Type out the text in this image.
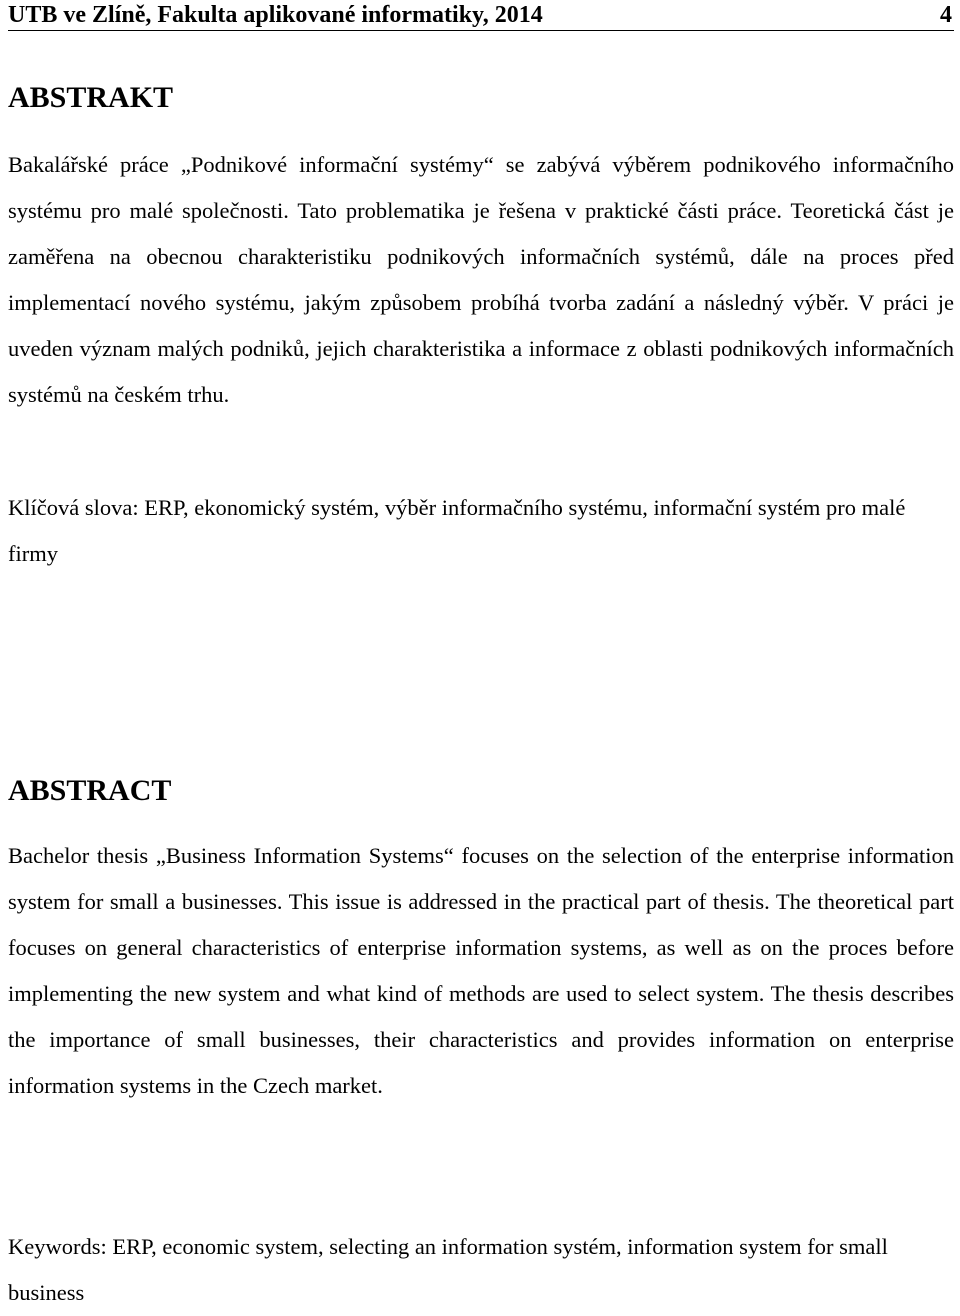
UTB ve Zlíně, Fakulta aplikované informatiky, 2014	4
ABSTRAKT

Bakalářské práce „Podnikové informační systémy“ se zabývá výběrem podnikového informačního systému pro malé společnosti. Tato problematika je řešena v praktické části práce. Teoretická část je zaměřena na obecnou charakteristiku podnikových informačních systémů, dále na proces před implementací nového systému, jakým způsobem probíhá tvorba zadání a následný výběr. V práci je uveden význam malých podniků, jejich charakteristika a informace z oblasti podnikových informačních systémů na českém trhu.

Klíčová slova: ERP, ekonomický systém, výběr informačního systému, informační systém pro malé firmy

ABSTRACT

Bachelor thesis „Business Information Systems“ focuses on the selection of the enterprise information system for small a businesses. This issue is addressed in the practical part of thesis. The theoretical part focuses on general characteristics of enterprise information systems, as well as on the proces before implementing the new system and what kind of methods are used to select system. The thesis describes the importance of small businesses, their characteristics and provides information on enterprise information systems in the Czech market.

Keywords: ERP, economic system, selecting an information systém, information system for small business
